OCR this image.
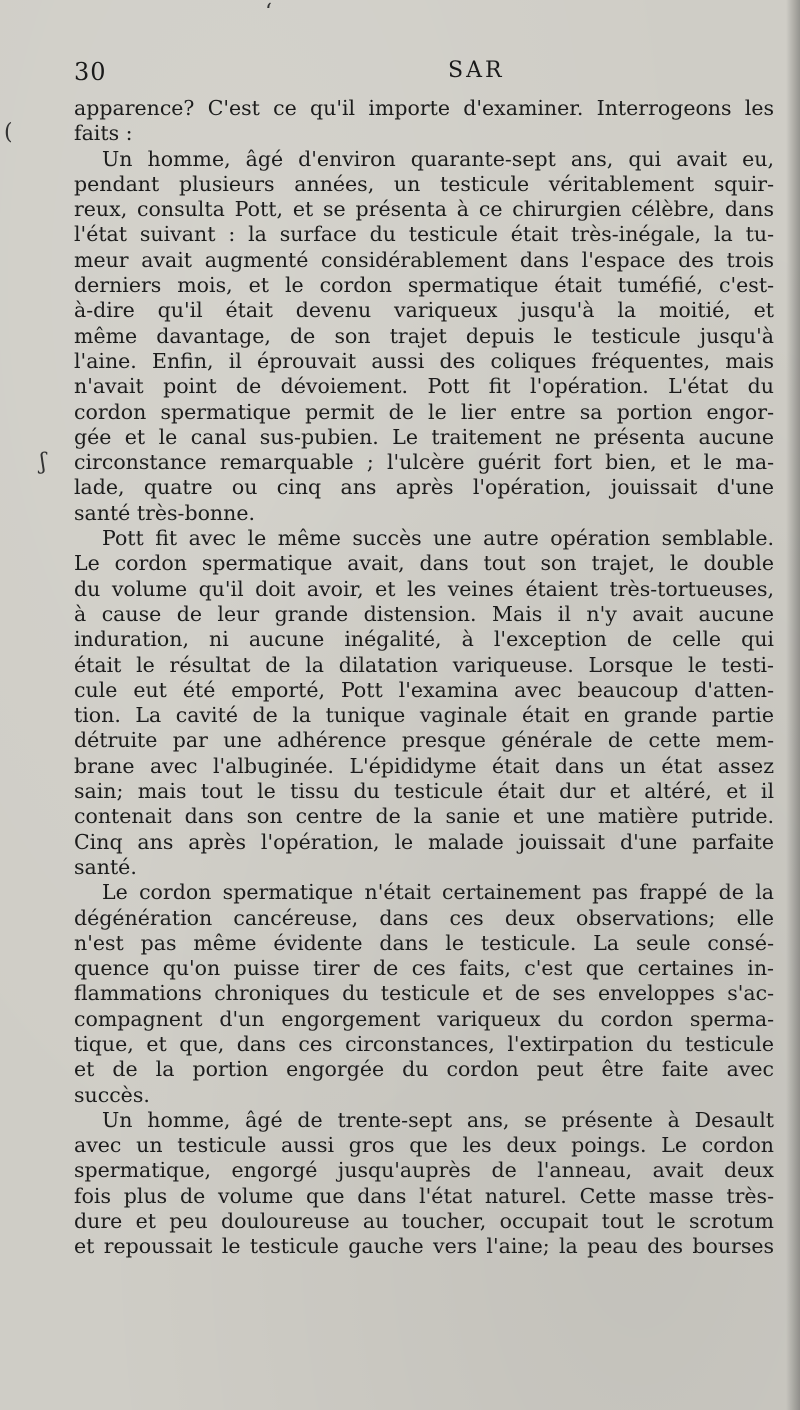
30	SAR
apparence? C'est ce qu'il importe d'examiner. Interrogeons les
faits :
Un homme, âgé d'environ quarante-sept ans, qui avait eu,
pendant plusieurs années, un testicule véritablement squir-
reux, consulta Pott, et se présenta à ce chirurgien célèbre, dans
l'état suivant : la surface du testicule était très-inégale, la tu-
meur avait augmenté considérablement dans l'espace des trois
derniers mois, et le cordon spermatique était tuméfié, c'est-
à-dire qu'il était devenu variqueux jusqu'à la moitié, et
même davantage, de son trajet depuis le testicule jusqu'à
l'aine. Enfin, il éprouvait aussi des coliques fréquentes, mais
n'avait point de dévoiement. Pott fit l'opération. L'état du
cordon spermatique permit de le lier entre sa portion engor-
gée et le canal sus-pubien. Le traitement ne présenta aucune
circonstance remarquable ; l'ulcère guérit fort bien, et le ma-
lade, quatre ou cinq ans après l'opération, jouissait d'une
santé très-bonne.
Pott fit avec le même succès une autre opération semblable.
Le cordon spermatique avait, dans tout son trajet, le double
du volume qu'il doit avoir, et les veines étaient très-tortueuses,
à cause de leur grande distension. Mais il n'y avait aucune
induration, ni aucune inégalité, à l'exception de celle qui
était le résultat de la dilatation variqueuse. Lorsque le testi-
cule eut été emporté, Pott l'examina avec beaucoup d'atten-
tion. La cavité de la tunique vaginale était en grande partie
détruite par une adhérence presque générale de cette mem-
brane avec l'albuginée. L'épididyme était dans un état assez
sain; mais tout le tissu du testicule était dur et altéré, et il
contenait dans son centre de la sanie et une matière putride.
Cinq ans après l'opération, le malade jouissait d'une parfaite
santé.
Le cordon spermatique n'était certainement pas frappé de la
dégénération cancéreuse, dans ces deux observations; elle
n'est pas même évidente dans le testicule. La seule consé-
quence qu'on puisse tirer de ces faits, c'est que certaines in-
flammations chroniques du testicule et de ses enveloppes s'ac-
compagnent d'un engorgement variqueux du cordon sperma-
tique, et que, dans ces circonstances, l'extirpation du testicule
et de la portion engorgée du cordon peut être faite avec
succès.
Un homme, âgé de trente-sept ans, se présente à Desault
avec un testicule aussi gros que les deux poings. Le cordon
spermatique, engorgé jusqu'auprès de l'anneau, avait deux
fois plus de volume que dans l'état naturel. Cette masse très-
dure et peu douloureuse au toucher, occupait tout le scrotum
et repoussait le testicule gauche vers l'aine; la peau des bourses
‘
(
ʃ
